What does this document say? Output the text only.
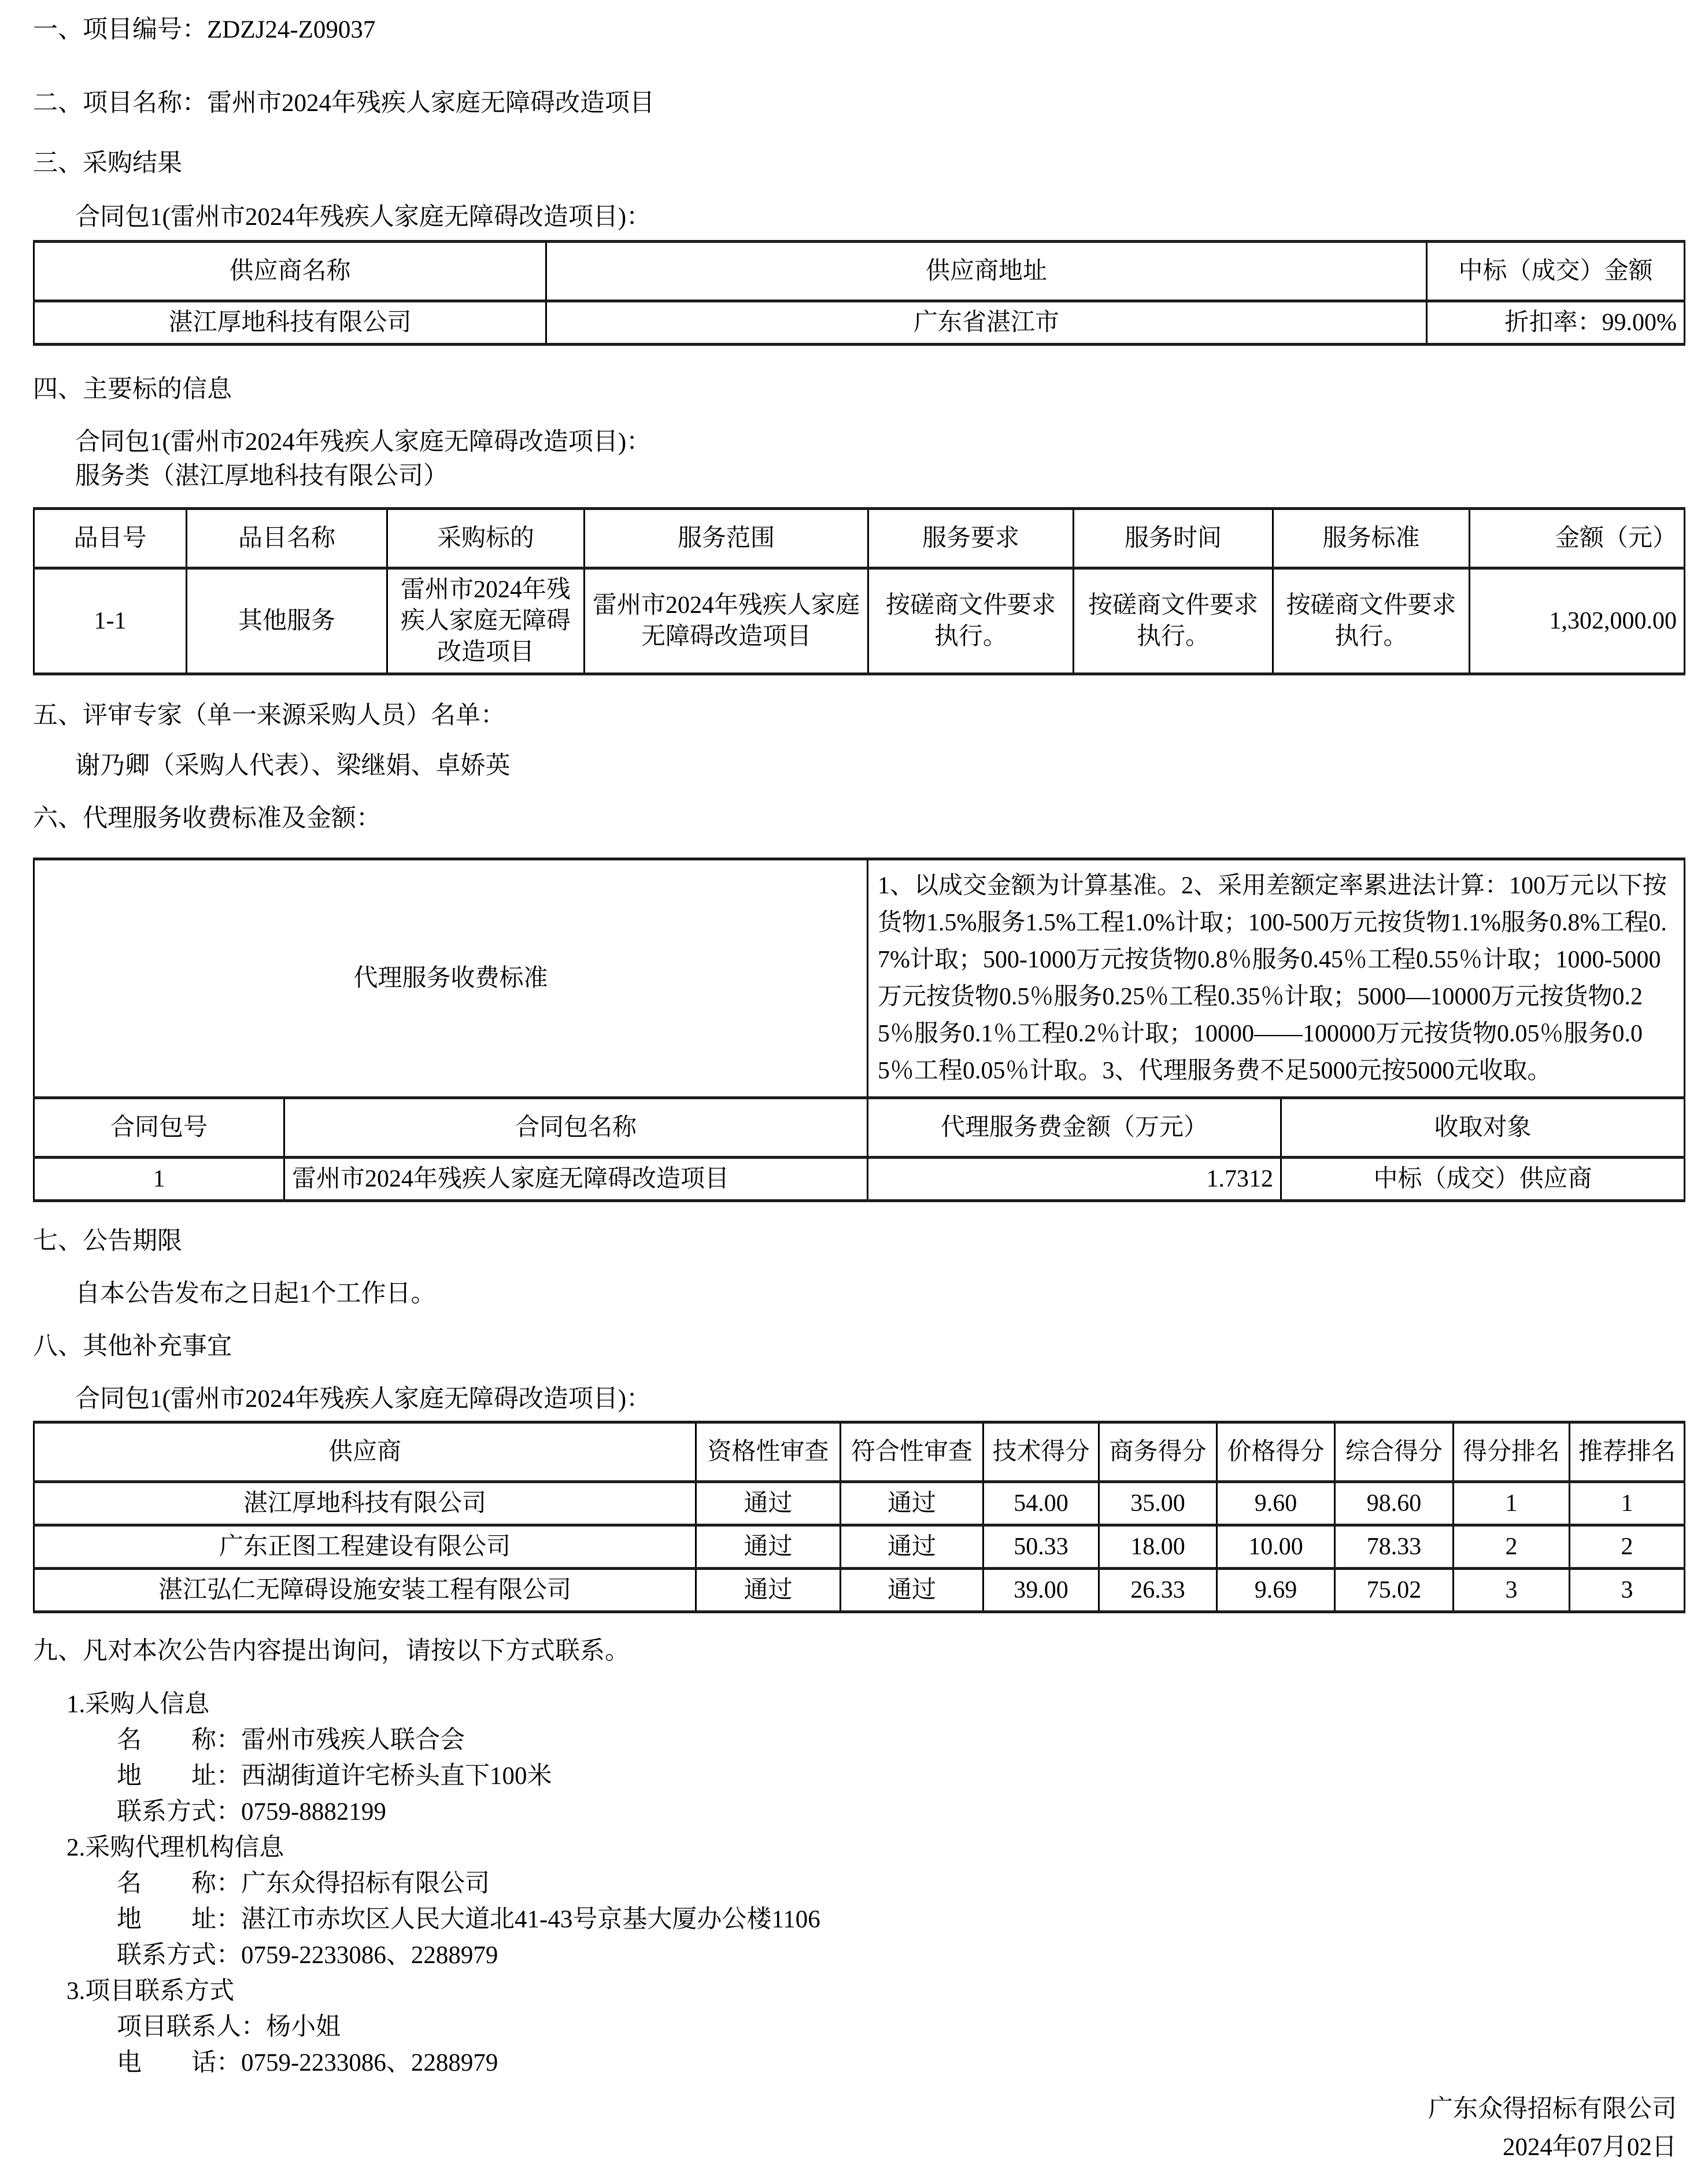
一、项目编号：ZDZJ24-Z09037

二、项目名称：雷州市2024年残疾人家庭无障碍改造项目

三、采购结果

合同包1(雷州市2024年残疾人家庭无障碍改造项目)：

供应商名称	供应商地址	中标（成交）金额
湛江厚地科技有限公司	广东省湛江市	折扣率：99.00%

四、主要标的信息

合同包1(雷州市2024年残疾人家庭无障碍改造项目)：

服务类（湛江厚地科技有限公司）

品目号	品目名称	采购标的	服务范围	服务要求	服务时间	服务标准	金额（元）
1-1	其他服务	雷州市2024年残疾人家庭无障碍改造项目	雷州市2024年残疾人家庭无障碍改造项目	按磋商文件要求执行。	按磋商文件要求执行。	按磋商文件要求执行。	1,302,000.00

五、评审专家（单一来源采购人员）名单：

谢乃卿（采购人代表）、梁继娟、卓娇英

六、代理服务收费标准及金额：

代理服务收费标准		1、以成交金额为计算基准。2、采用差额定率累进法计算：100万元以下按货物1.5%服务1.5%工程1.0%计取；100-500万元按货物1.1%服务0.8%工程0.7%计取；500-1000万元按货物0.8％服务0.45％工程0.55％计取；1000-5000万元按货物0.5％服务0.25％工程0.35％计取；5000—10000万元按货物0.25％服务0.1％工程0.2％计取；10000——100000万元按货物0.05％服务0.05％工程0.05％计取。3、代理服务费不足5000元按5000元收取。	
合同包号	合同包名称	代理服务费金额（万元）	收取对象
1	雷州市2024年残疾人家庭无障碍改造项目	1.7312	中标（成交）供应商

七、公告期限

自本公告发布之日起1个工作日。

八、其他补充事宜

合同包1(雷州市2024年残疾人家庭无障碍改造项目)：

供应商	资格性审查	符合性审查	技术得分	商务得分	价格得分	综合得分	得分排名	推荐排名
湛江厚地科技有限公司	通过	通过	54.00	35.00	9.60	98.60	1	1
广东正图工程建设有限公司	通过	通过	50.33	18.00	10.00	78.33	2	2
湛江弘仁无障碍设施安装工程有限公司	通过	通过	39.00	26.33	9.69	75.02	3	3

九、凡对本次公告内容提出询问，请按以下方式联系。

1.采购人信息

名　　称：雷州市残疾人联合会

地　　址：西湖街道许宅桥头直下100米

联系方式：0759-8882199

2.采购代理机构信息

名　　称：广东众得招标有限公司

地　　址：湛江市赤坎区人民大道北41-43号京基大厦办公楼1106

联系方式：0759-2233086、2288979

3.项目联系方式

项目联系人：杨小姐

电　　话：0759-2233086、2288979

广东众得招标有限公司

2024年07月02日
